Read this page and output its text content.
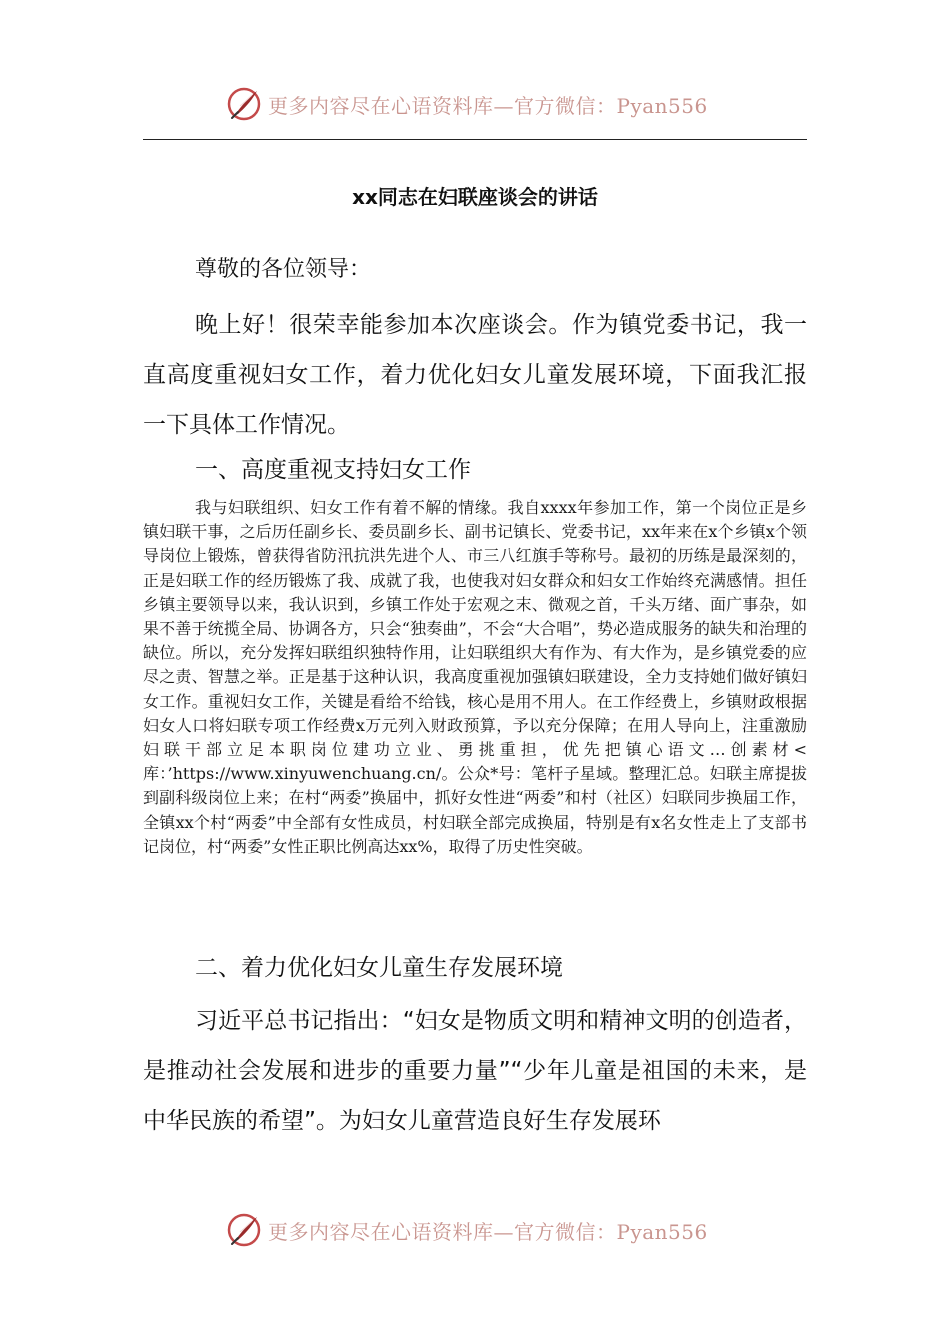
更多内容尽在心语资料库—官方微信：Pyan556
xx同志在妇联座谈会的讲话

尊敬的各位领导：

晚上好！很荣幸能参加本次座谈会。作为镇党委书记，我一直高度重视妇女工作，着力优化妇女儿童发展环境，下面我汇报一下具体工作情况。

一、高度重视支持妇女工作

我与妇联组织、妇女工作有着不解的情缘。我自xxxx年参加工作，第一个岗位正是乡镇妇联干事，之后历任副乡长、委员副乡长、副书记镇长、党委书记，xx年来在x个乡镇x个领导岗位上锻炼，曾获得省防汛抗洪先进个人、市三八红旗手等称号。最初的历练是最深刻的，正是妇联工作的经历锻炼了我、成就了我，也使我对妇女群众和妇女工作始终充满感情。担任乡镇主要领导以来，我认识到，乡镇工作处于宏观之末、微观之首，千头万绪、面广事杂，如果不善于统揽全局、协调各方，只会“独奏曲”，不会“大合唱”，势必造成服务的缺失和治理的缺位。所以，充分发挥妇联组织独特作用，让妇联组织大有作为、有大作为，是乡镇党委的应尽之责、智慧之举。正是基于这种认识，我高度重视加强镇妇联建设，全力支持她们做好镇妇女工作。重视妇女工作，关键是看给不给钱，核心是用不用人。在工作经费上，乡镇财政根据妇女人口将妇联专项工作经费x万元列入财政预算，予以充分保障；在用人导向上，注重激励妇联干部立足本职岗位建功立业、勇挑重担，优先把镇心语文…创素材<库：’https://www.xinyuwenchuang.cn/。公众*号：笔杆子星域。整理汇总。妇联主席提拔到副科级岗位上来；在村“两委”换届中，抓好女性进“两委”和村（社区）妇联同步换届工作，全镇xx个村“两委”中全部有女性成员，村妇联全部完成换届，特别是有x名女性走上了支部书记岗位，村“两委”女性正职比例高达xx%，取得了历史性突破。

二、着力优化妇女儿童生存发展环境

习近平总书记指出：“妇女是物质文明和精神文明的创造者，是推动社会发展和进步的重要力量”“少年儿童是祖国的未来，是中华民族的希望”。为妇女儿童营造良好生存发展环

更多内容尽在心语资料库—官方微信：Pyan556
